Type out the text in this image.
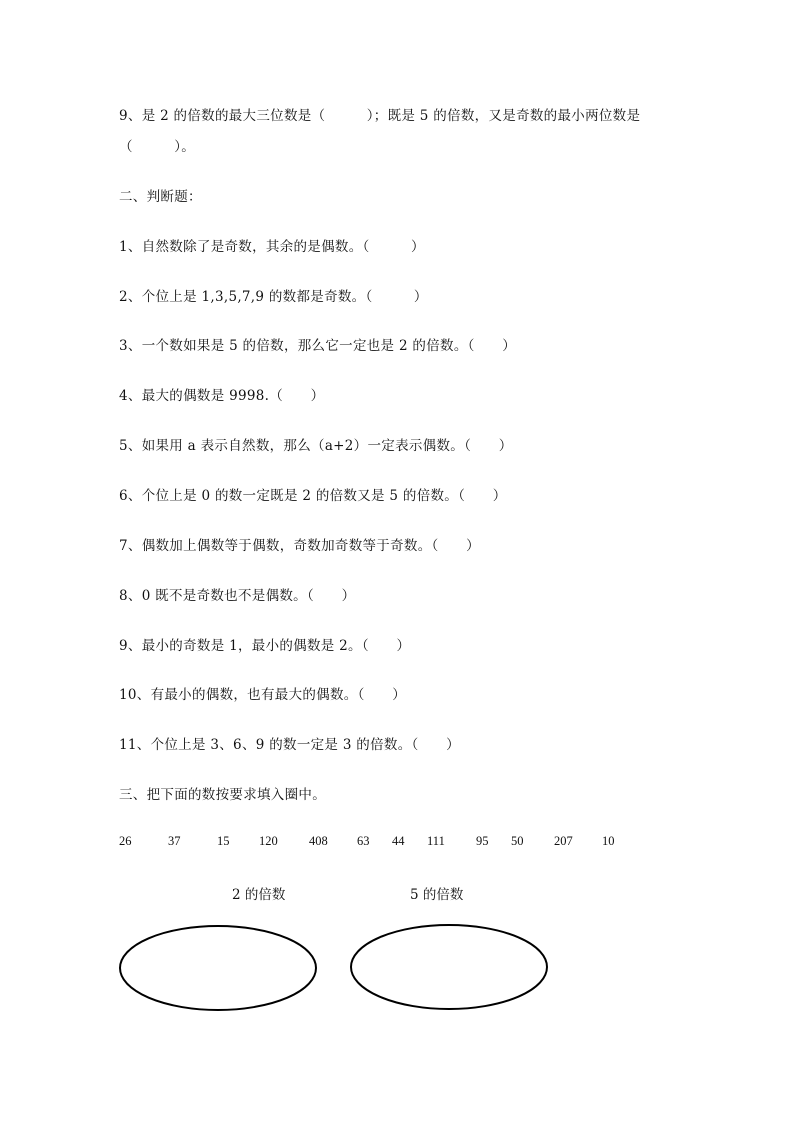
9、是 2 的倍数的最大三位数是（　　　）；既是 5 的倍数，又是奇数的最小两位数是
（　　　）。
二、判断题：
1、自然数除了是奇数，其余的是偶数。（　　　）
2、个位上是 1,3,5,7,9 的数都是奇数。（　　　）
3、一个数如果是 5 的倍数，那么它一定也是 2 的倍数。（　　）
4、最大的偶数是 9998.（　　）
5、如果用 a 表示自然数，那么（a+2）一定表示偶数。（　　）
6、个位上是 0 的数一定既是 2 的倍数又是 5 的倍数。（　　）
7、偶数加上偶数等于偶数，奇数加奇数等于奇数。（　　）
8、0 既不是奇数也不是偶数。（　　）
9、最小的奇数是 1，最小的偶数是 2。（　　）
10、有最小的偶数，也有最大的偶数。（　　）
11、个位上是 3、6、9 的数一定是 3 的倍数。（　　）
三、把下面的数按要求填入圈中。
26	37	15 120	408 63 44 111 95 50 207 10
2 的倍数	5 的倍数
